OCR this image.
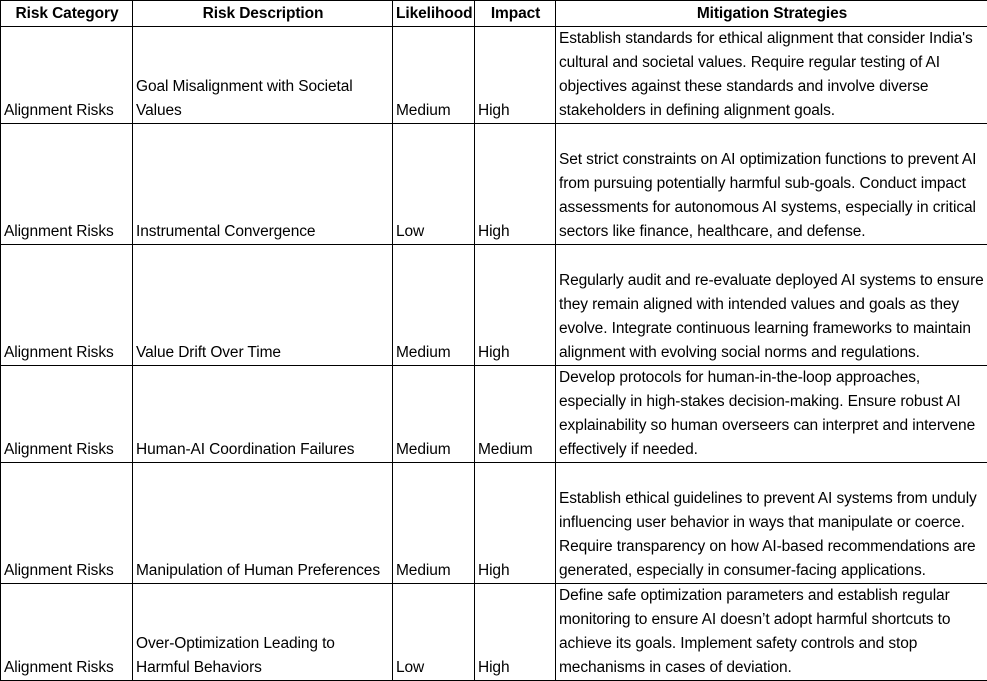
Risk Category	Risk Description	Likelihood	Impact	Mitigation Strategies
Alignment Risks	Goal Misalignment with Societal Values	Medium	High	Establish standards for ethical alignment that consider India's cultural and societal values. Require regular testing of AI objectives against these standards and involve diverse stakeholders in defining alignment goals.
Alignment Risks	Instrumental Convergence	Low	High	Set strict constraints on AI optimization functions to prevent AI from pursuing potentially harmful sub-goals. Conduct impact assessments for autonomous AI systems, especially in critical sectors like finance, healthcare, and defense.
Alignment Risks	Value Drift Over Time	Medium	High	Regularly audit and re-evaluate deployed AI systems to ensure they remain aligned with intended values and goals as they evolve. Integrate continuous learning frameworks to maintain alignment with evolving social norms and regulations.
Alignment Risks	Human-AI Coordination Failures	Medium	Medium	Develop protocols for human-in-the-loop approaches, especially in high-stakes decision-making. Ensure robust AI explainability so human overseers can interpret and intervene effectively if needed.
Alignment Risks	Manipulation of Human Preferences	Medium	High	Establish ethical guidelines to prevent AI systems from unduly influencing user behavior in ways that manipulate or coerce. Require transparency on how AI-based recommendations are generated, especially in consumer-facing applications.
Alignment Risks	Over-Optimization Leading to Harmful Behaviors	Low	High	Define safe optimization parameters and establish regular monitoring to ensure AI doesn’t adopt harmful shortcuts to achieve its goals. Implement safety controls and stop mechanisms in cases of deviation.
